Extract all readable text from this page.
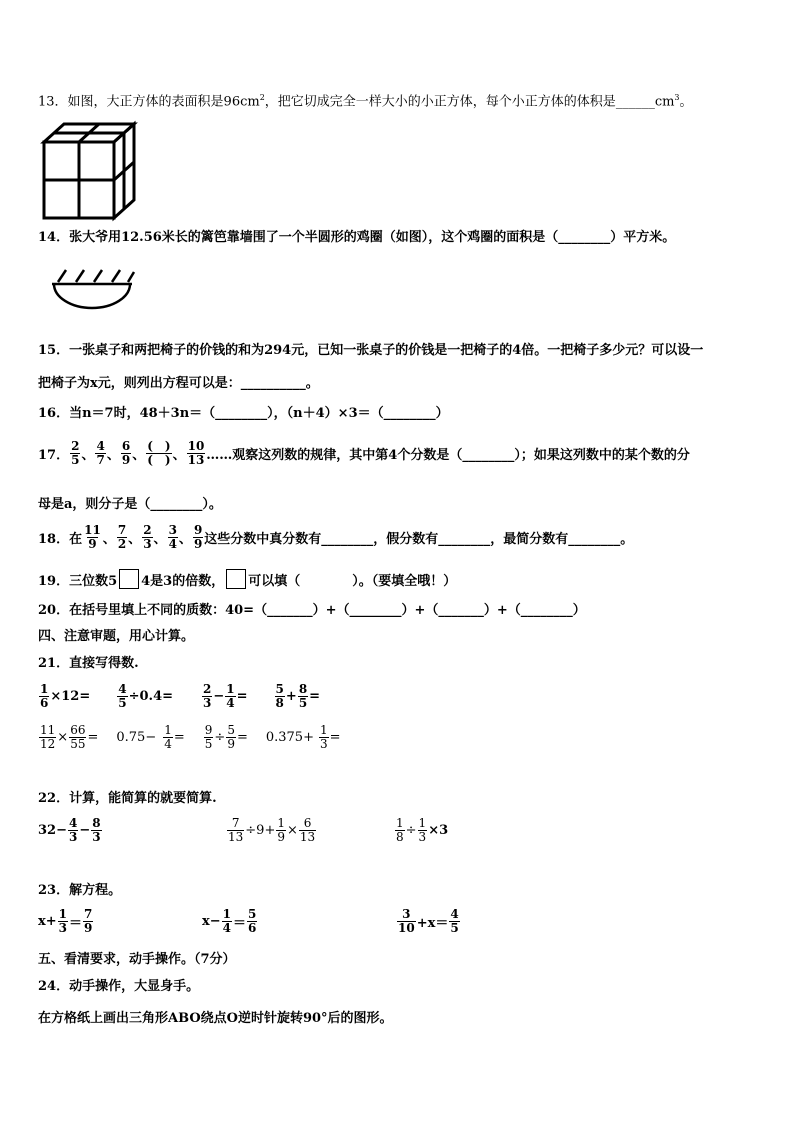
13．如图，大正方体的表面积是$96cm^2$，把它切成完全一样大小的小正方体，每个小正方体的体积是$\_\_\_\_\_\_cm^3$。
14．张大爷用12.56米长的篱笆靠墙围了一个半圆形的鸡圈（如图），这个鸡圈的面积是（________）平方米。
15．一张桌子和两把椅子的价钱的和为294元，已知一张桌子的价钱是一把椅子的4倍。一把椅子多少元？可以设一
把椅子为x元，则列出方程可以是：__________。
16．当n＝7时，48＋3n＝（________），（n＋4）×3＝（________）
17． $\frac{2}{5}$ 、 $\frac{4}{7}$ 、 $\frac{6}{9}$ 、 $\frac{( )}{( )}$ 、 $\frac{10}{13}$ ……观察这列数的规律，其中第4个分数是（________）；如果这列数中的某个数的分
母是a，则分子是（________）。
18．在 $\frac{11}{9}$ 、 $\frac{7}{2}$ 、 $\frac{2}{3}$ 、 $\frac{3}{4}$ 、 $\frac{9}{9}$ 这些分数中真分数有________，假分数有________，最简分数有________。
19．三位数5 4是3的倍数， 可以填（　　　　）。（要填全哦！）
20．在括号里填上不同的质数：40=（_______）+（________）+（_______）+（________）
四、注意审题，用心计算。
21．直接写得数.
$\frac{1}{6} \times 12= \frac{4}{5} \div 0.4= \frac{2}{3} - \frac{1}{4} = \frac{5}{8} + \frac{8}{5}$ =
$\frac{11}{12} \times \frac{66}{55} = 0.75- \frac{1}{4} = \frac{9}{5} \div \frac{5}{9} = 0.375+ \frac{1}{3}$ =
22．计算，能简算的就要简算.
$32- \frac{4}{3} - \frac{8}{3}$	$\frac{7}{13} \div 9+ \frac{1}{9} \times \frac{6}{13}$	$\frac{1}{8} \div \frac{1}{3} \times 3$
23．解方程。
$x+ \frac{1}{3} = \frac{7}{9}$	$x- \frac{1}{4} = \frac{5}{6}$	$\frac{3}{10} +x= \frac{4}{5}$
五、看清要求，动手操作。（7分）
24．动手操作，大显身手。
在方格纸上画出三角形ABO绕点O逆时针旋转90°后的图形。
